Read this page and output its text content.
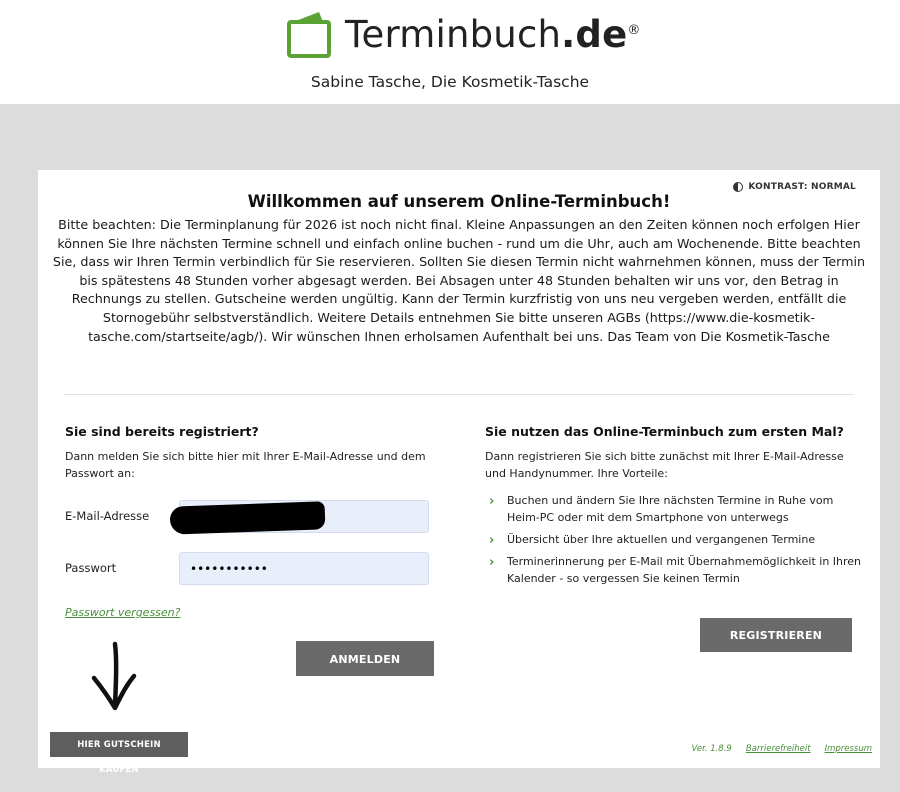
Terminbuch.de®
Sabine Tasche, Die Kosmetik-Tasche
KONTRAST: NORMAL
Willkommen auf unserem Online-Terminbuch!
Bitte beachten: Die Terminplanung für 2026 ist noch nicht final. Kleine Anpassungen an den Zeiten können noch erfolgen Hier können Sie Ihre nächsten Termine schnell und einfach online buchen - rund um die Uhr, auch am Wochenende. Bitte beachten Sie, dass wir Ihren Termin verbindlich für Sie reservieren. Sollten Sie diesen Termin nicht wahrnehmen können, muss der Termin bis spätestens 48 Stunden vorher abgesagt werden. Bei Absagen unter 48 Stunden behalten wir uns vor, den Betrag in Rechnungs zu stellen. Gutscheine werden ungültig. Kann der Termin kurzfristig von uns neu vergeben werden, entfällt die Stornogebühr selbstverständlich. Weitere Details entnehmen Sie bitte unseren AGBs (https://www.die-kosmetik-tasche.com/startseite/agb/). Wir wünschen Ihnen erholsamen Aufenthalt bei uns. Das Team von Die Kosmetik-Tasche

Sie sind bereits registriert?

Dann melden Sie sich bitte hier mit Ihrer E-Mail-Adresse und dem Passwort an:
E-Mail-Adresse
Passwort
•••••••••••
Passwort vergessen?
ANMELDEN

Sie nutzen das Online-Terminbuch zum ersten Mal?

Dann registrieren Sie sich bitte zunächst mit Ihrer E-Mail-Adresse und Handynummer. Ihre Vorteile:
› Buchen und ändern Sie Ihre nächsten Termine in Ruhe vom Heim-PC oder mit dem Smartphone von unterwegs
› Übersicht über Ihre aktuellen und vergangenen Termine
› Terminerinnerung per E-Mail mit Übernahmemöglichkeit in Ihren Kalender - so vergessen Sie keinen Termin
REGISTRIEREN
HIER GUTSCHEIN KAUFEN
Ver. 1.8.9 Barrierefreiheit Impressum
